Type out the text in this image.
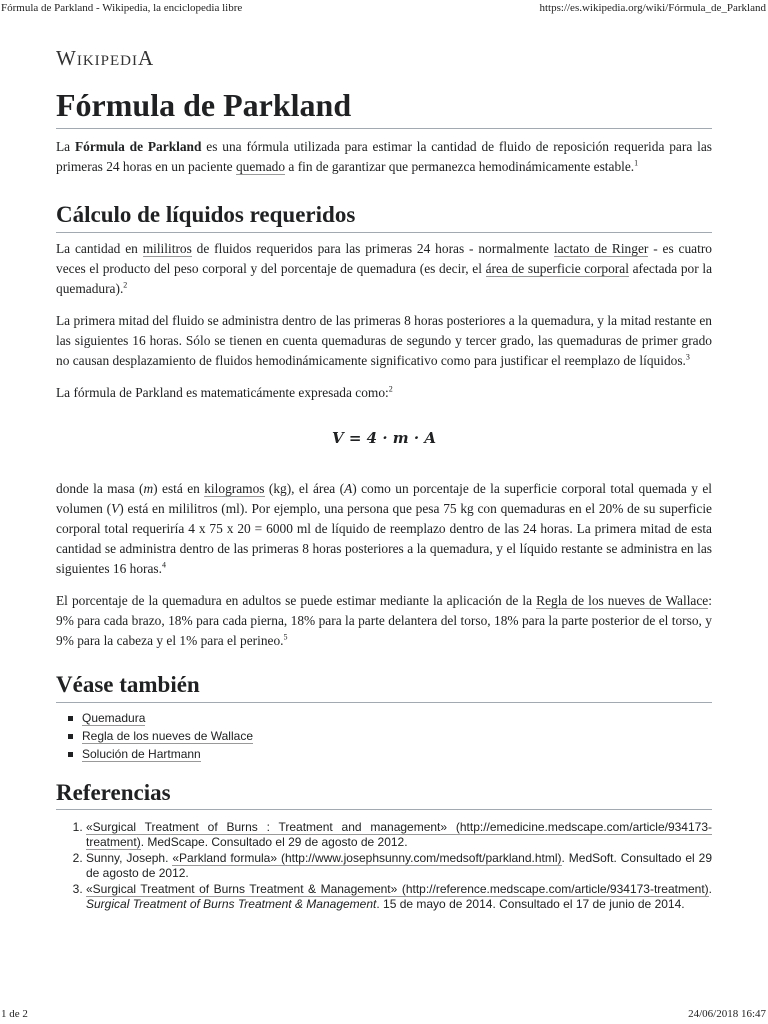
Fórmula de Parkland - Wikipedia, la enciclopedia libre	https://es.wikipedia.org/wiki/Fórmula_de_Parkland
WikipediA
Fórmula de Parkland

La Fórmula de Parkland es una fórmula utilizada para estimar la cantidad de fluido de reposición requerida para las primeras 24 horas en un paciente quemado a fin de garantizar que permanezca hemodinámicamente estable.$^1$

Cálculo de líquidos requeridos

La cantidad en mililitros de fluidos requeridos para las primeras 24 horas - normalmente lactato de Ringer - es cuatro veces el producto del peso corporal y del porcentaje de quemadura (es decir, el área de superficie corporal afectada por la quemadura).$^2$

La primera mitad del fluido se administra dentro de las primeras 8 horas posteriores a la quemadura, y la mitad restante en las siguientes 16 horas. Sólo se tienen en cuenta quemaduras de segundo y tercer grado, las quemaduras de primer grado no causan desplazamiento de fluidos hemodinámicamente significativo como para justificar el reemplazo de líquidos.$^3$

La fórmula de Parkland es matematicámente expresada como:$^2$

V = 4 · m · A

donde la masa (m) está en kilogramos (kg), el área (A) como un porcentaje de la superficie corporal total quemada y el volumen (V) está en mililitros (ml). Por ejemplo, una persona que pesa 75 kg con quemaduras en el 20% de su superficie corporal total requeriría 4 x 75 x 20 = 6000 ml de líquido de reemplazo dentro de las 24 horas. La primera mitad de esta cantidad se administra dentro de las primeras 8 horas posteriores a la quemadura, y el líquido restante se administra en las siguientes 16 horas.$^4$

El porcentaje de la quemadura en adultos se puede estimar mediante la aplicación de la Regla de los nueves de Wallace: 9% para cada brazo, 18% para cada pierna, 18% para la parte delantera del torso, 18% para la parte posterior de el torso, y 9% para la cabeza y el 1% para el perineo.$^5$

Véase también
Quemadura
Regla de los nueves de Wallace
Solución de Hartmann
Referencias
1. «Surgical Treatment of Burns : Treatment and management» (http://emedicine.medscape.com/article/934173-treatment). MedScape. Consultado el 29 de agosto de 2012.
2. Sunny, Joseph. «Parkland formula» (http://www.josephsunny.com/medsoft/parkland.html). MedSoft. Consultado el 29 de agosto de 2012.
3. «Surgical Treatment of Burns Treatment & Management» (http://reference.medscape.com/article/934173-treatment). Surgical Treatment of Burns Treatment & Management. 15 de mayo de 2014. Consultado el 17 de junio de 2014.
1 de 2	24/06/2018 16:47
